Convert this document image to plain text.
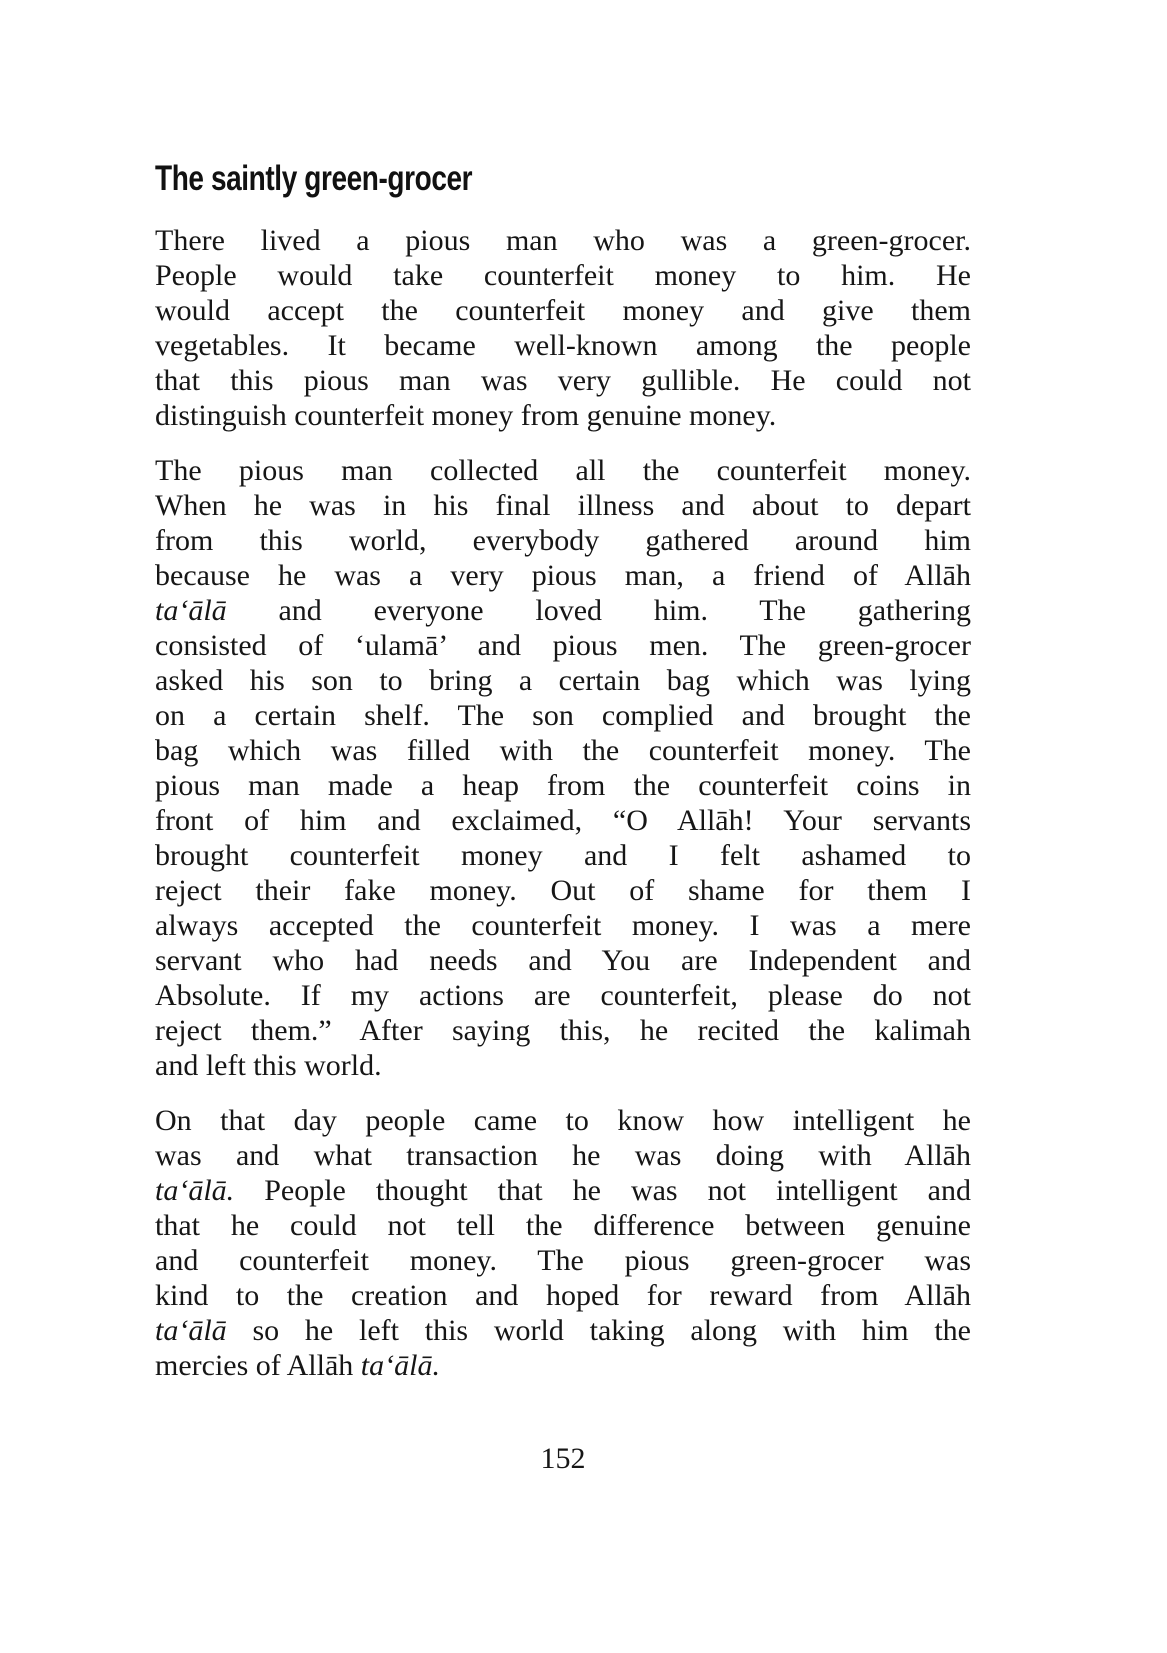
The saintly green-grocer
There lived a pious man who was a green-grocer.
People would take counterfeit money to him. He
would accept the counterfeit money and give them
vegetables. It became well-known among the people
that this pious man was very gullible. He could not
distinguish counterfeit money from genuine money.
The pious man collected all the counterfeit money.
When he was in his final illness and about to depart
from this world, everybody gathered around him
because he was a very pious man, a friend of Allāh
ta‘ālā and everyone loved him. The gathering
consisted of ‘ulamā’ and pious men. The green-grocer
asked his son to bring a certain bag which was lying
on a certain shelf. The son complied and brought the
bag which was filled with the counterfeit money. The
pious man made a heap from the counterfeit coins in
front of him and exclaimed, “O Allāh! Your servants
brought counterfeit money and I felt ashamed to
reject their fake money. Out of shame for them I
always accepted the counterfeit money. I was a mere
servant who had needs and You are Independent and
Absolute. If my actions are counterfeit, please do not
reject them.” After saying this, he recited the kalimah
and left this world.
On that day people came to know how intelligent he
was and what transaction he was doing with Allāh
ta‘ālā. People thought that he was not intelligent and
that he could not tell the difference between genuine
and counterfeit money. The pious green-grocer was
kind to the creation and hoped for reward from Allāh
ta‘ālā so he left this world taking along with him the
mercies of Allāh ta‘ālā.
152
